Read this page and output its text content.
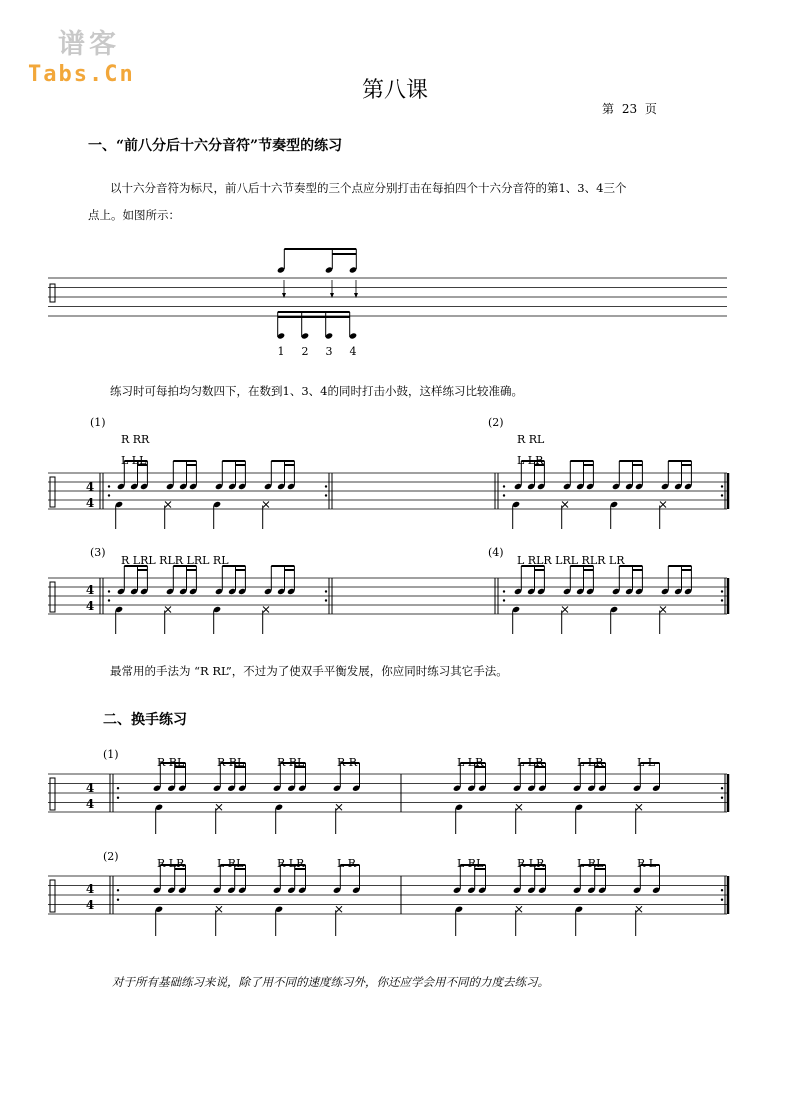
谱客
Tabs.Cn
第八课
第 23 页
一、“前八分后十六分音符”节奏型的练习
以十六分音符为标尺，前八后十六节奏型的三个点应分别打击在每拍四个十六分音符的第1、3、4三个
点上。如图所示：
练习时可每拍均匀数四下，在数到1、3、4的同时打击小鼓，这样练习比较准确。
最常用的手法为 “R RL”，不过为了使双手平衡发展，你应同时练习其它手法。
二、换手练习
对于所有基础练习来说，除了用不同的速度练习外，你还应学会用不同的力度去练习。
1 2 3 4
(1)
R RR
L LL
(2)
R RL
L LR
(3)
R LRL RLR LRL RL
(4)
L RLR LRL RLR LR
(1)
R RL	R RL	R RL	R R	L LR	L LR	L LR	L L
(2)
R LR	L RL	R LR	L R	L RL	R LR	L RL	R L
4
4
4
4
4
4
4
4
